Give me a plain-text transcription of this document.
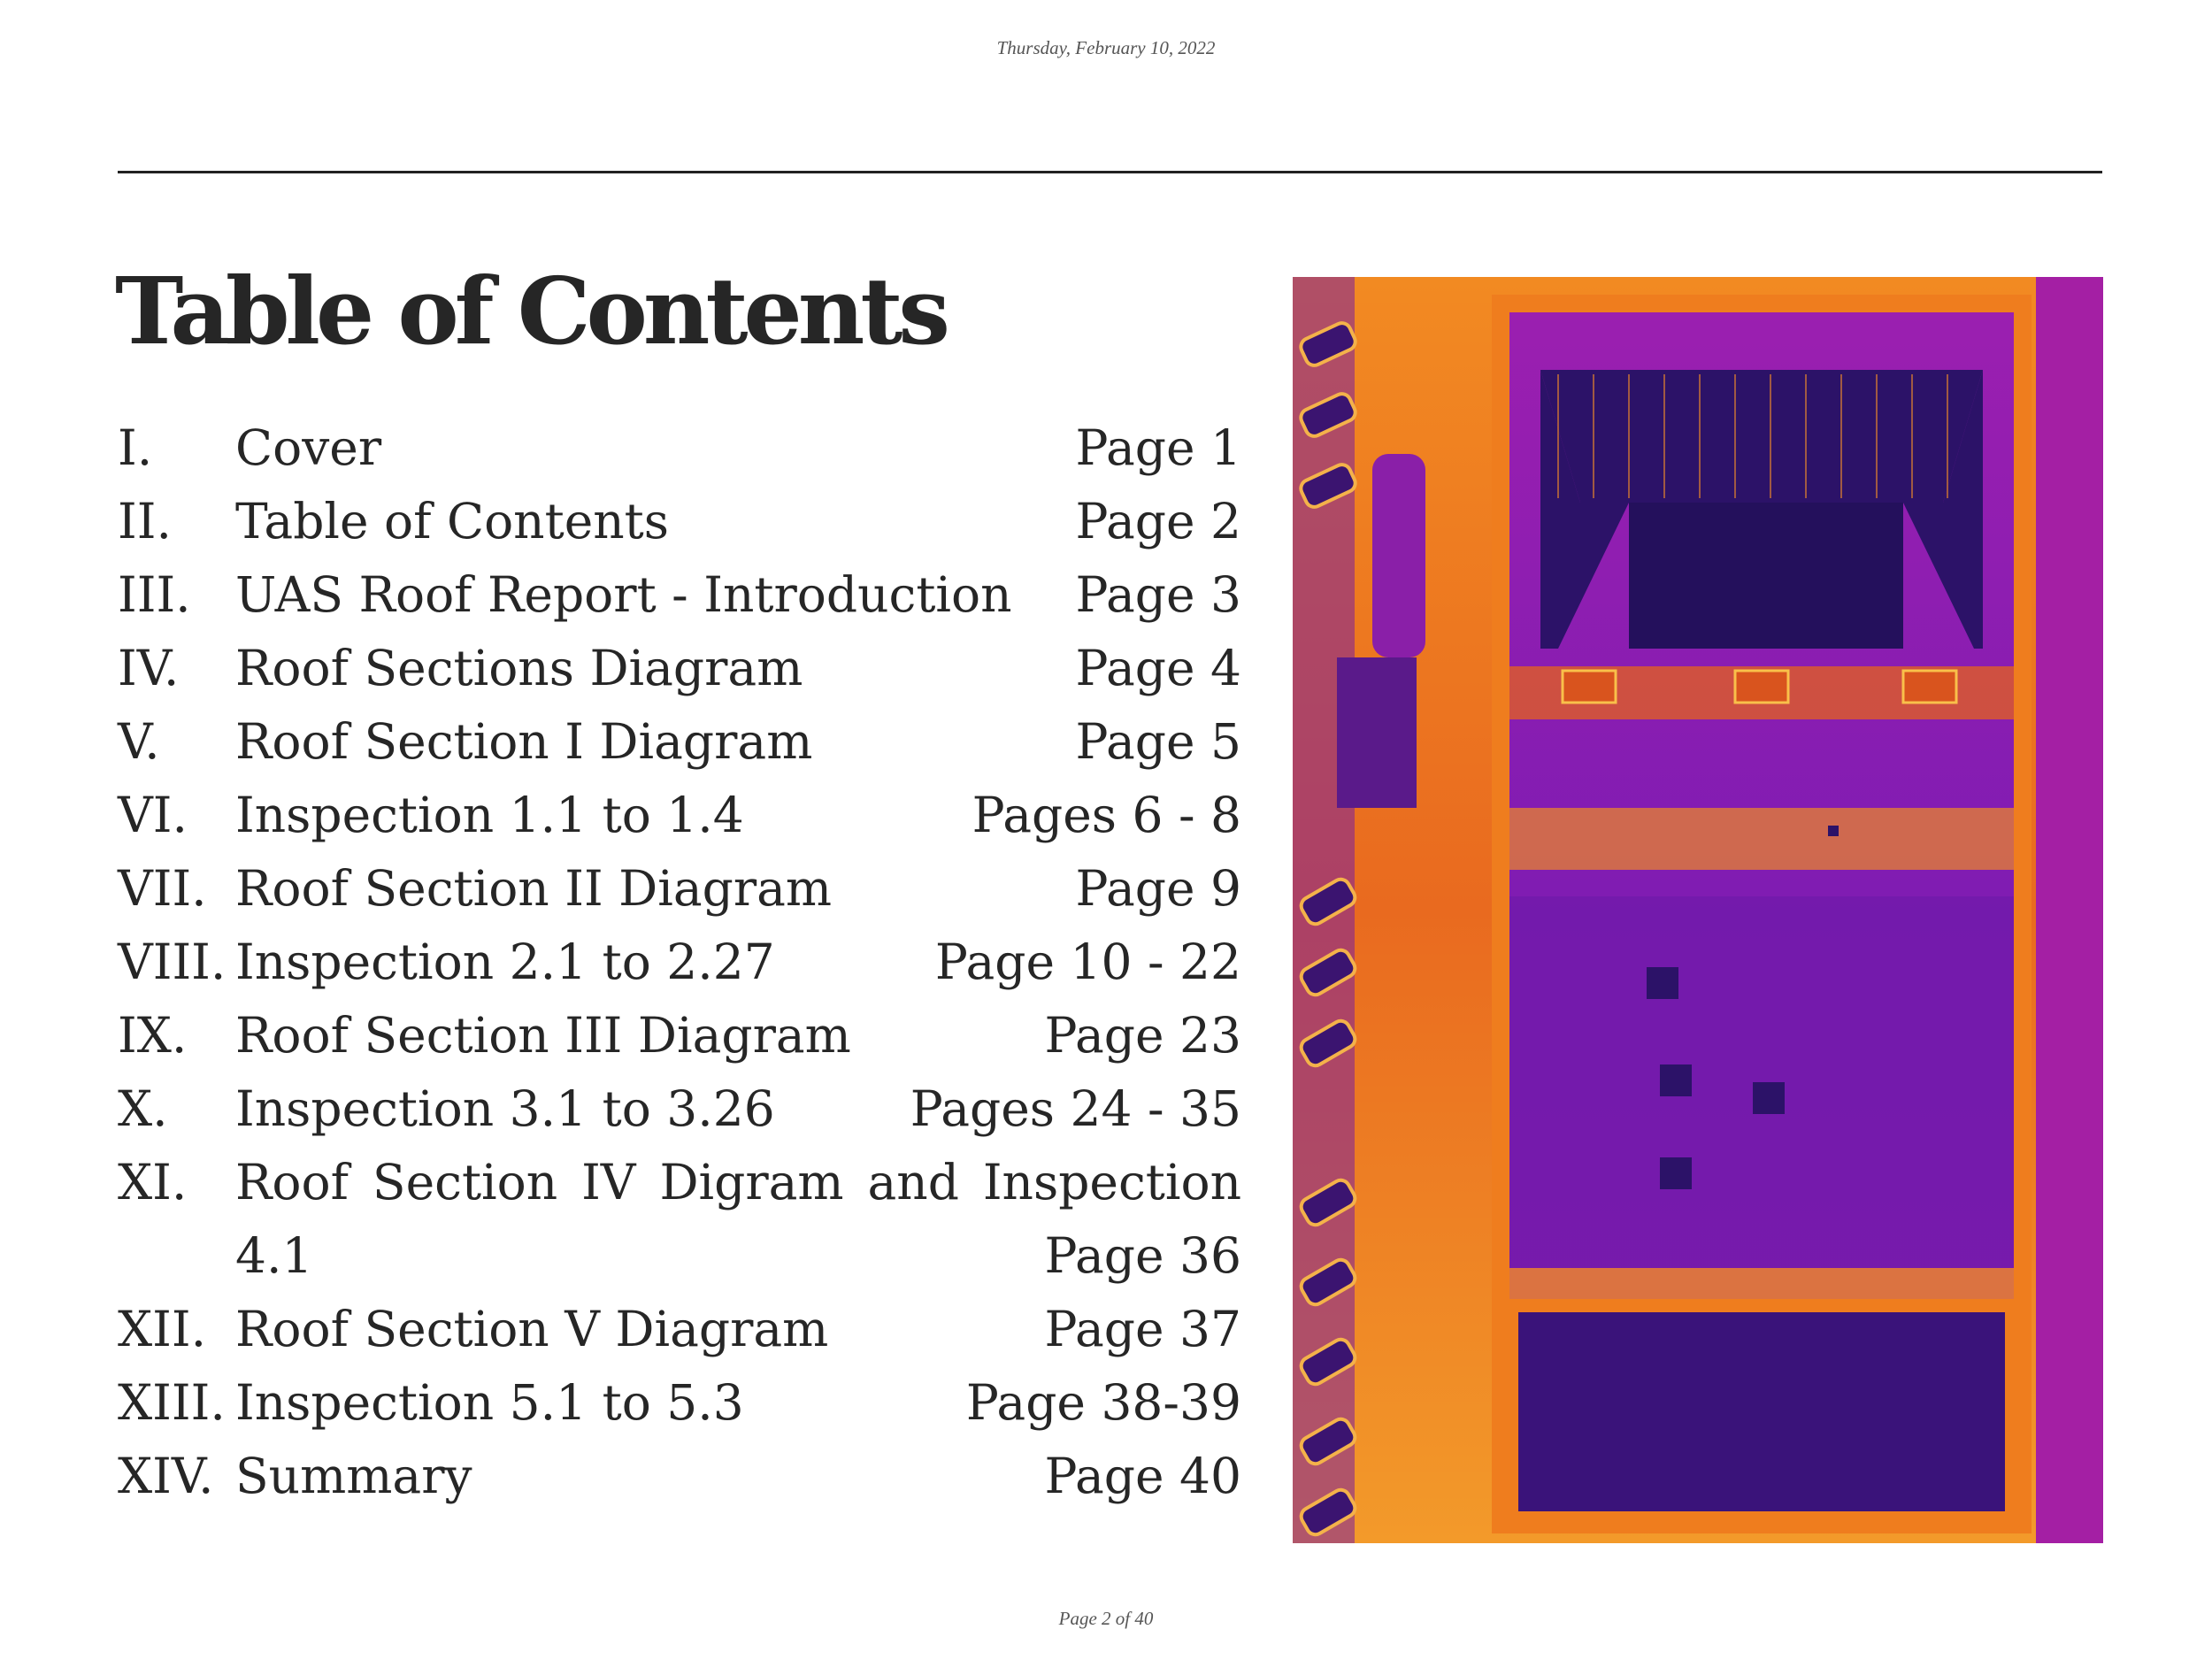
Thursday, February 10, 2022
Table of Contents
I.	Cover	Page 1
II.	Table of Contents	Page 2
III. UAS Roof Report - Introduction	Page 3
IV.	Roof Sections Diagram	Page 4
V.	Roof Section I Diagram	Page 5
VI. Inspection 1.1 to 1.4	Pages 6 - 8
VII. Roof Section II Diagram	Page 9
VIII. Inspection 2.1 to 2.27	Page 10 - 22
IX. Roof Section III Diagram	Page 23
X.	Inspection 3.1 to 3.26	Pages 24 - 35
XI. Roof Section IV Digram and Inspection
4.1	Page 36
XII. Roof Section V Diagram	Page 37
XIII. Inspection 5.1 to 5.3	Page 38-39
XIV. Summary	Page 40
Page 2 of 40
